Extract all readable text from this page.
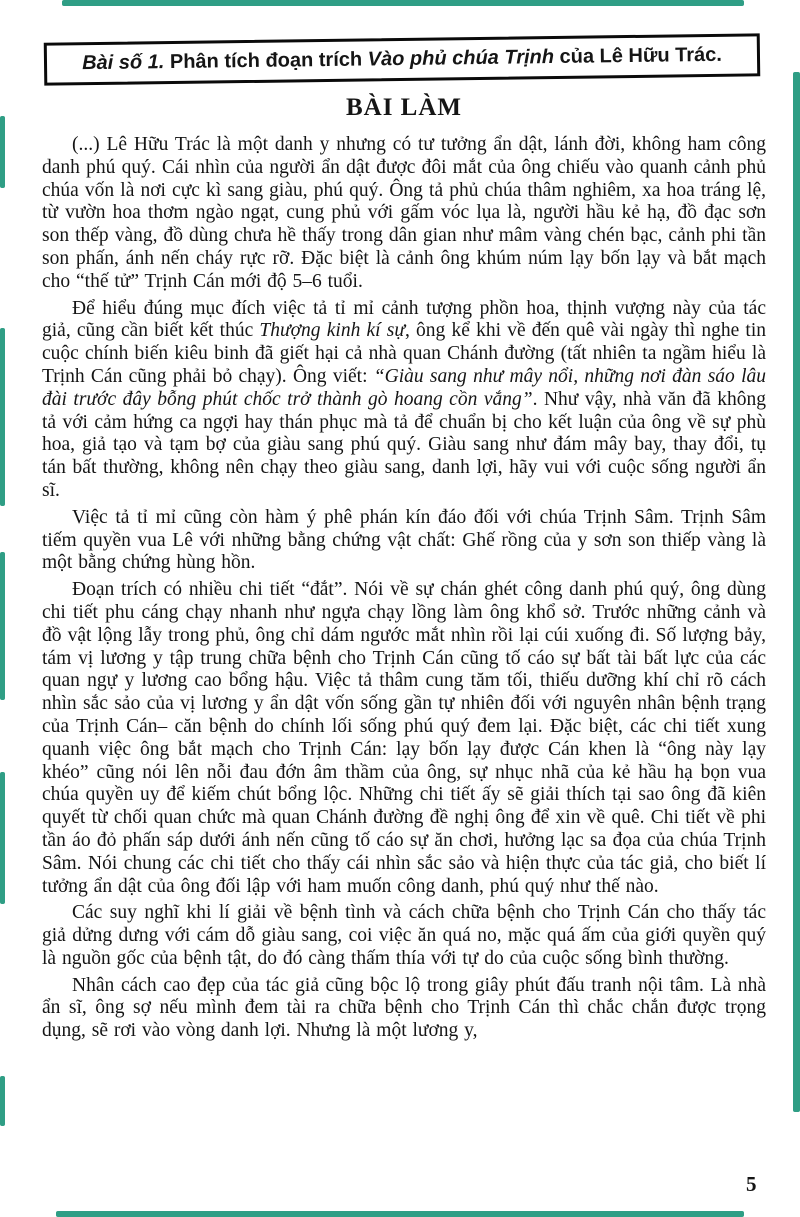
Bài số 1. Phân tích đoạn trích Vào phủ chúa Trịnh của Lê Hữu Trác.
BÀI LÀM

(...) Lê Hữu Trác là một danh y nhưng có tư tưởng ẩn dật, lánh đời, không ham công danh phú quý. Cái nhìn của người ẩn dật được đôi mắt của ông chiếu vào quanh cảnh phủ chúa vốn là nơi cực kì sang giàu, phú quý. Ông tả phủ chúa thâm nghiêm, xa hoa tráng lệ, từ vườn hoa thơm ngào ngạt, cung phủ với gấm vóc lụa là, người hầu kẻ hạ, đồ đạc sơn son thếp vàng, đồ dùng chưa hề thấy trong dân gian như mâm vàng chén bạc, cảnh phi tần son phấn, ánh nến cháy rực rỡ. Đặc biệt là cảnh ông khúm núm lạy bốn lạy và bắt mạch cho “thế tử” Trịnh Cán mới độ 5–6 tuổi.

Để hiểu đúng mục đích việc tả tỉ mỉ cảnh tượng phồn hoa, thịnh vượng này của tác giả, cũng cần biết kết thúc Thượng kinh kí sự, ông kể khi về đến quê vài ngày thì nghe tin cuộc chính biến kiêu binh đã giết hại cả nhà quan Chánh đường (tất nhiên ta ngầm hiểu là Trịnh Cán cũng phải bỏ chạy). Ông viết: “Giàu sang như mây nổi, những nơi đàn sáo lâu đài trước đây bỗng phút chốc trở thành gò hoang cồn vắng”. Như vậy, nhà văn đã không tả với cảm hứng ca ngợi hay thán phục mà tả để chuẩn bị cho kết luận của ông về sự phù hoa, giả tạo và tạm bợ của giàu sang phú quý. Giàu sang như đám mây bay, thay đổi, tụ tán bất thường, không nên chạy theo giàu sang, danh lợi, hãy vui với cuộc sống người ẩn sĩ.

Việc tả tỉ mỉ cũng còn hàm ý phê phán kín đáo đối với chúa Trịnh Sâm. Trịnh Sâm tiếm quyền vua Lê với những bằng chứng vật chất: Ghế rồng của y sơn son thiếp vàng là một bằng chứng hùng hồn.

Đoạn trích có nhiều chi tiết “đắt”. Nói về sự chán ghét công danh phú quý, ông dùng chi tiết phu cáng chạy nhanh như ngựa chạy lồng làm ông khổ sở. Trước những cảnh và đồ vật lộng lẫy trong phủ, ông chỉ dám ngước mắt nhìn rồi lại cúi xuống đi. Số lượng bảy, tám vị lương y tập trung chữa bệnh cho Trịnh Cán cũng tố cáo sự bất tài bất lực của các quan ngự y lương cao bổng hậu. Việc tả thâm cung tăm tối, thiếu dưỡng khí chỉ rõ cách nhìn sắc sảo của vị lương y ẩn dật vốn sống gần tự nhiên đối với nguyên nhân bệnh trạng của Trịnh Cán– căn bệnh do chính lối sống phú quý đem lại. Đặc biệt, các chi tiết xung quanh việc ông bắt mạch cho Trịnh Cán: lạy bốn lạy được Cán khen là “ông này lạy khéo” cũng nói lên nỗi đau đớn âm thầm của ông, sự nhục nhã của kẻ hầu hạ bọn vua chúa quyền uy để kiếm chút bổng lộc. Những chi tiết ấy sẽ giải thích tại sao ông đã kiên quyết từ chối quan chức mà quan Chánh đường đề nghị ông để xin về quê. Chi tiết về phi tần áo đỏ phấn sáp dưới ánh nến cũng tố cáo sự ăn chơi, hưởng lạc sa đọa của chúa Trịnh Sâm. Nói chung các chi tiết cho thấy cái nhìn sắc sảo và hiện thực của tác giả, cho biết lí tưởng ẩn dật của ông đối lập với ham muốn công danh, phú quý như thế nào.

Các suy nghĩ khi lí giải về bệnh tình và cách chữa bệnh cho Trịnh Cán cho thấy tác giả dửng dưng với cám dỗ giàu sang, coi việc ăn quá no, mặc quá ấm của giới quyền quý là nguồn gốc của bệnh tật, do đó càng thấm thía với tự do của cuộc sống bình thường.

Nhân cách cao đẹp của tác giả cũng bộc lộ trong giây phút đấu tranh nội tâm. Là nhà ẩn sĩ, ông sợ nếu mình đem tài ra chữa bệnh cho Trịnh Cán thì chắc chắn được trọng dụng, sẽ rơi vào vòng danh lợi. Nhưng là một lương y,

5
